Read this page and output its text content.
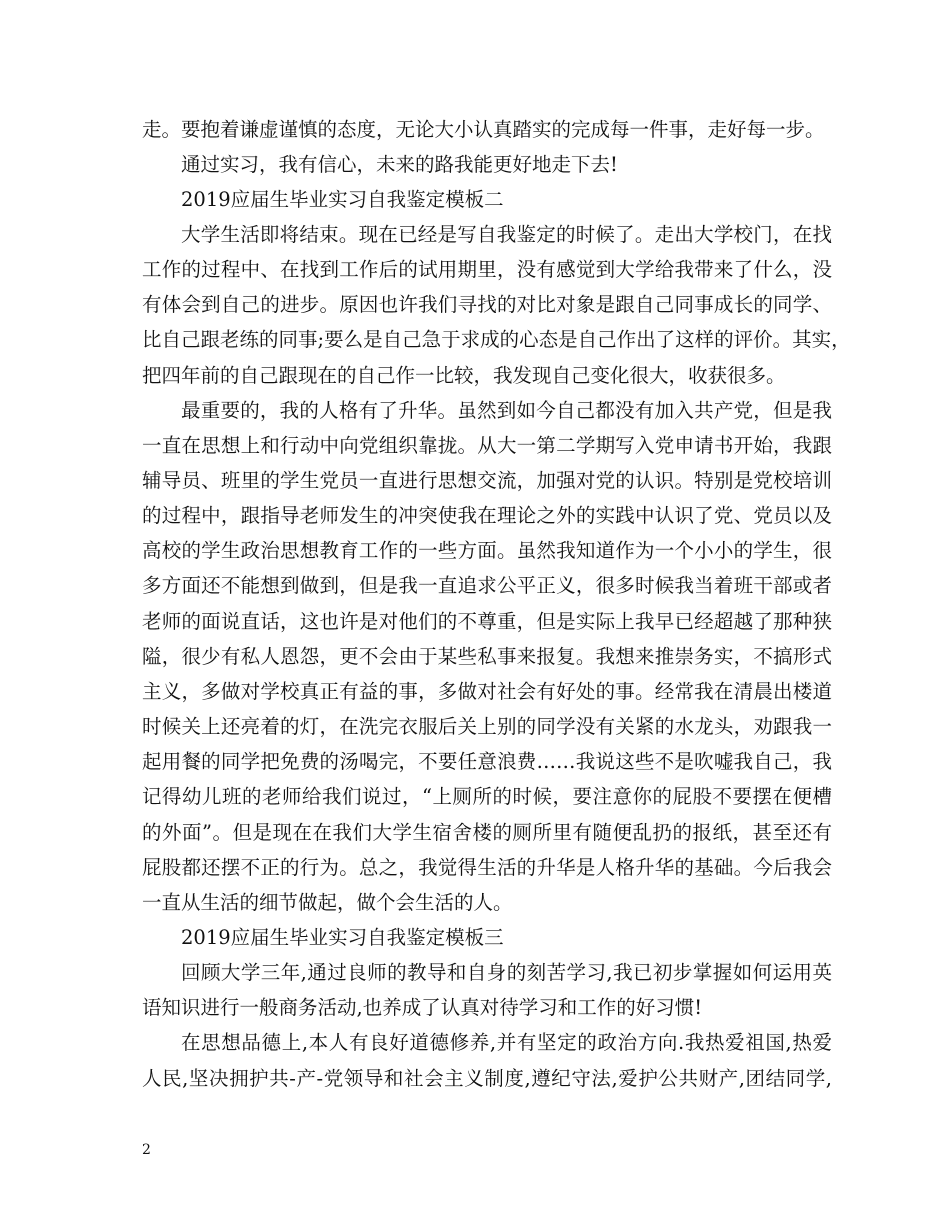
走。要抱着谦虚谨慎的态度，无论大小认真踏实的完成每一件事，走好每一步。
通过实习，我有信心，未来的路我能更好地走下去!
2019应届生毕业实习自我鉴定模板二
大学生活即将结束。现在已经是写自我鉴定的时候了。走出大学校门，在找
工作的过程中、在找到工作后的试用期里，没有感觉到大学给我带来了什么，没
有体会到自己的进步。原因也许我们寻找的对比对象是跟自己同事成长的同学、
比自己跟老练的同事;要么是自己急于求成的心态是自己作出了这样的评价。其实，
把四年前的自己跟现在的自己作一比较，我发现自己变化很大，收获很多。
最重要的，我的人格有了升华。虽然到如今自己都没有加入共产党，但是我
一直在思想上和行动中向党组织靠拢。从大一第二学期写入党申请书开始，我跟
辅导员、班里的学生党员一直进行思想交流，加强对党的认识。特别是党校培训
的过程中，跟指导老师发生的冲突使我在理论之外的实践中认识了党、党员以及
高校的学生政治思想教育工作的一些方面。虽然我知道作为一个小小的学生，很
多方面还不能想到做到，但是我一直追求公平正义，很多时候我当着班干部或者
老师的面说直话，这也许是对他们的不尊重，但是实际上我早已经超越了那种狭
隘，很少有私人恩怨，更不会由于某些私事来报复。我想来推崇务实，不搞形式
主义，多做对学校真正有益的事，多做对社会有好处的事。经常我在清晨出楼道
时候关上还亮着的灯，在洗完衣服后关上别的同学没有关紧的水龙头，劝跟我一
起用餐的同学把免费的汤喝完，不要任意浪费……我说这些不是吹嘘我自己，我
记得幼儿班的老师给我们说过，“上厕所的时候，要注意你的屁股不要摆在便槽
的外面”。但是现在在我们大学生宿舍楼的厕所里有随便乱扔的报纸，甚至还有
屁股都还摆不正的行为。总之，我觉得生活的升华是人格升华的基础。今后我会
一直从生活的细节做起，做个会生活的人。
2019应届生毕业实习自我鉴定模板三
回顾大学三年,通过良师的教导和自身的刻苦学习,我已初步掌握如何运用英
语知识进行一般商务活动,也养成了认真对待学习和工作的好习惯!
在思想品德上,本人有良好道德修养,并有坚定的政治方向.我热爱祖国,热爱
人民,坚决拥护共-产-党领导和社会主义制度,遵纪守法,爱护公共财产,团结同学,
2
